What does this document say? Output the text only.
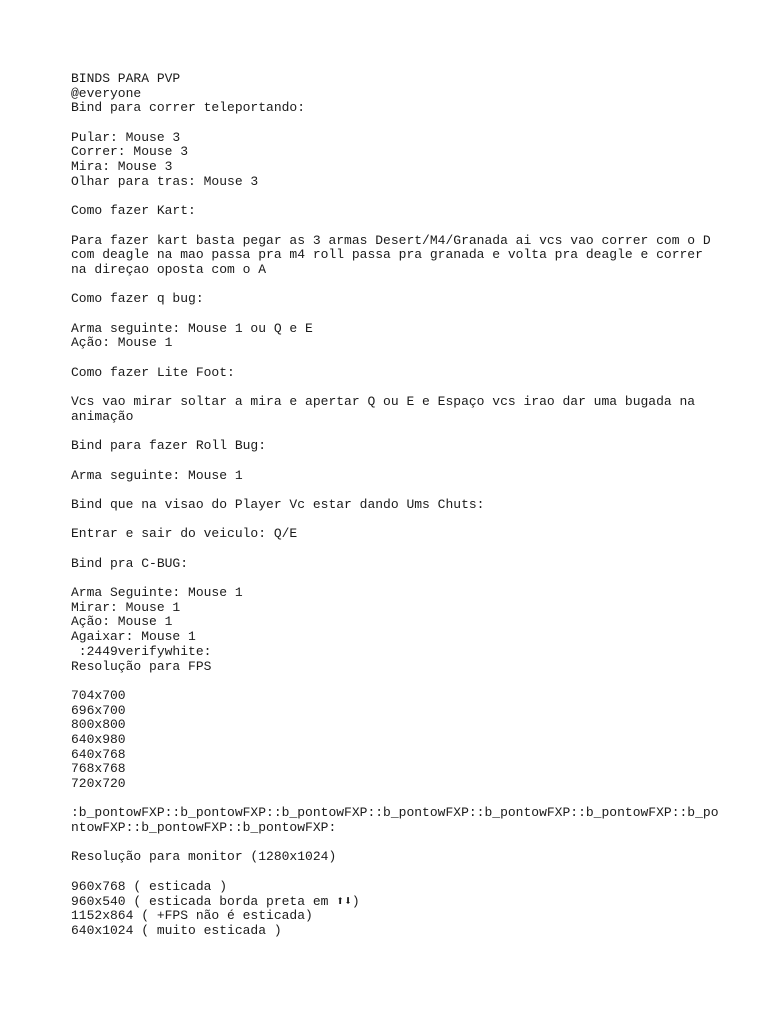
BINDS PARA PVP
@everyone
Bind para correr teleportando:
Pular: Mouse 3
Correr: Mouse 3
Mira: Mouse 3
Olhar para tras: Mouse 3
Como fazer Kart:
Para fazer kart basta pegar as 3 armas Desert/M4/Granada ai vcs vao correr com o D
com deagle na mao passa pra m4 roll passa pra granada e volta pra deagle e correr
na direçao oposta com o A
Como fazer q bug:
Arma seguinte: Mouse 1 ou Q e E
Ação: Mouse 1
Como fazer Lite Foot:
Vcs vao mirar soltar a mira e apertar Q ou E e Espaço vcs irao dar uma bugada na
animação
Bind para fazer Roll Bug:
Arma seguinte: Mouse 1
Bind que na visao do Player Vc estar dando Ums Chuts:
Entrar e sair do veiculo: Q/E
Bind pra C-BUG:
Arma Seguinte: Mouse 1
Mirar: Mouse 1
Ação: Mouse 1
Agaixar: Mouse 1
:2449verifywhite:
Resolução para FPS
704x700
696x700
800x800
640x980
640x768
768x768
720x720
:b_pontowFXP::b_pontowFXP::b_pontowFXP::b_pontowFXP::b_pontowFXP::b_pontowFXP::b_po
ntowFXP::b_pontowFXP::b_pontowFXP:
Resolução para monitor (1280x1024)
960x768 ( esticada )
960x540 ( esticada borda preta em ⬆⬇)
1152x864 ( +FPS não é esticada)
640x1024 ( muito esticada )
